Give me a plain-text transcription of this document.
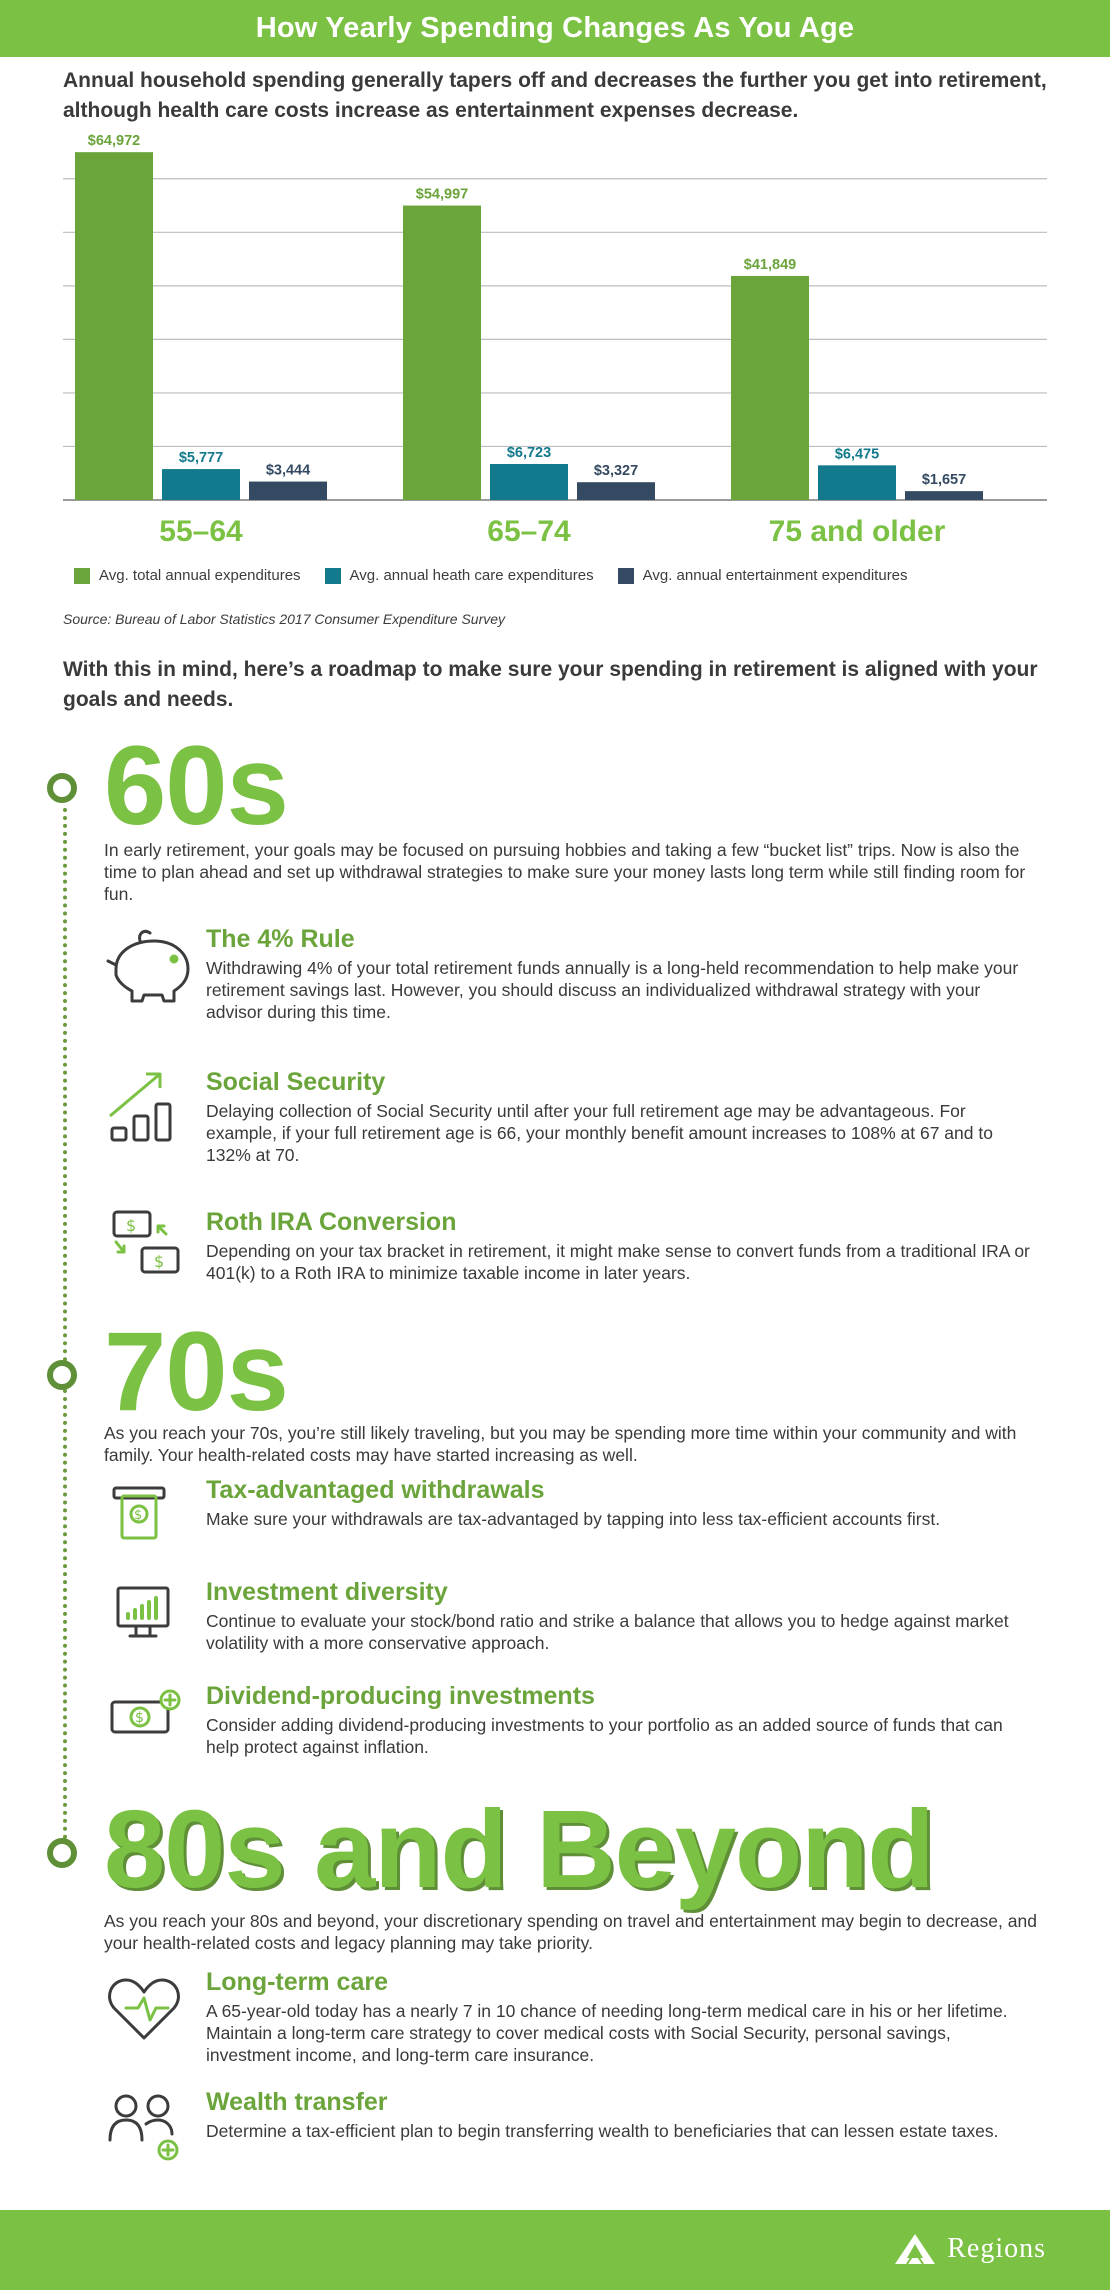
How Yearly Spending Changes As You Age

Annual household spending generally tapers off and decreases the further you get into retirement, although health care costs increase as entertainment expenses decrease.

$64,972
$5,777
$3,444
55–64
$54,997
$6,723
$3,327
65–74
$41,849
$6,475
$1,657
75 and older
Avg. total annual expenditures	Avg. annual heath care expenditures	Avg. annual entertainment expenditures

Source: Bureau of Labor Statistics 2017 Consumer Expenditure Survey

With this in mind, here’s a roadmap to make sure your spending in retirement is aligned with your goals and needs.

60s

In early retirement, your goals may be focused on pursuing hobbies and taking a few “bucket list” trips. Now is also the time to plan ahead and set up withdrawal strategies to make sure your money lasts long term while still finding room for fun.

The 4% Rule

Withdrawing 4% of your total retirement funds annually is a long-held recommendation to help make your retirement savings last. However, you should discuss an individualized withdrawal strategy with your advisor during this time.

Social Security

Delaying collection of Social Security until after your full retirement age may be advantageous. For example, if your full retirement age is 66, your monthly benefit amount increases to 108% at 67 and to 132% at 70.

$
$
Roth IRA Conversion

Depending on your tax bracket in retirement, it might make sense to convert funds from a traditional IRA or 401(k) to a Roth IRA to minimize taxable income in later years.

70s

As you reach your 70s, you’re still likely traveling, but you may be spending more time within your community and with family. Your health-related costs may have started increasing as well.

$
Tax-advantaged withdrawals

Make sure your withdrawals are tax-advantaged by tapping into less tax-efficient accounts first.

Investment diversity

Continue to evaluate your stock/bond ratio and strike a balance that allows you to hedge against market volatility with a more conservative approach.

$
Dividend-producing investments

Consider adding dividend-producing investments to your portfolio as an added source of funds that can help protect against inflation.

80s and Beyond

As you reach your 80s and beyond, your discretionary spending on travel and entertainment may begin to decrease, and your health-related costs and legacy planning may take priority.

Long-term care

A 65-year-old today has a nearly 7 in 10 chance of needing long-term medical care in his or her lifetime. Maintain a long-term care strategy to cover medical costs with Social Security, personal savings, investment income, and long-term care insurance.

Wealth transfer

Determine a tax-efficient plan to begin transferring wealth to beneficiaries that can lessen estate taxes.

Regions
